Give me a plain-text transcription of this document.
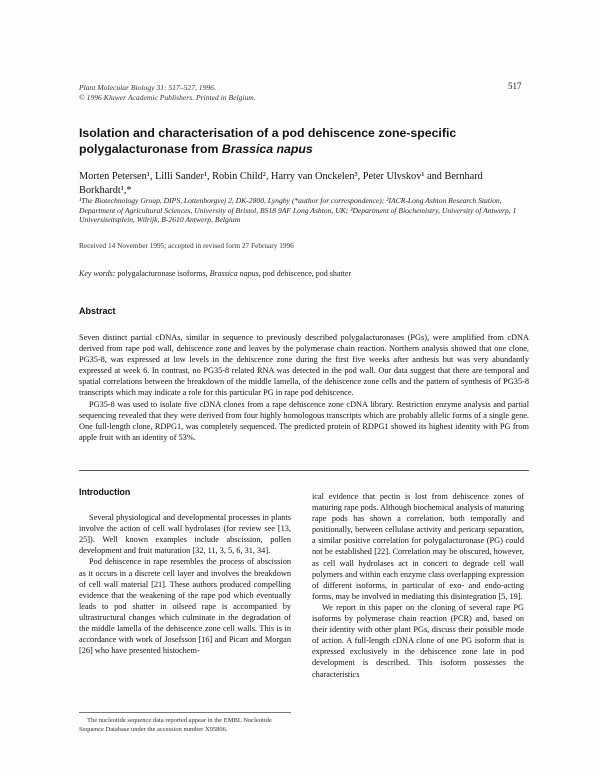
Plant Molecular Biology 31: 517–527, 1996.
© 1996 Kluwer Academic Publishers. Printed in Belgium.
517
Isolation and characterisation of a pod dehiscence zone-specific polygalacturonase from Brassica napus
Morten Petersen¹, Lilli Sander¹, Robin Child², Harry van Onckelen³, Peter Ulvskov¹ and Bernhard Borkhardt¹,*
¹The Biotechnology Group, DIPS, Lottenborgvej 2, DK-2800, Lyngby (*author for correspondence); ²IACR-Long Ashton Research Station, Department of Agricultural Sciences, University of Bristol, BS18 9AF Long Ashton, UK; ³Department of Biochemistry, University of Antwerp, 1 Universiteitsplein, Wilrijk, B-2610 Antwerp, Belgium
Received 14 November 1995; accepted in revised form 27 February 1996
Key words: polygalacturonase isoforms, Brassica napus, pod dehiscence, pod shatter
Abstract

Seven distinct partial cDNAs, similar in sequence to previously described polygalacturonases (PGs), were amplified from cDNA derived from rape pod wall, dehiscence zone and leaves by the polymerase chain reaction. Northern analysis showed that one clone, PG35-8, was expressed at low levels in the dehiscence zone during the first five weeks after anthesis but was very abundantly expressed at week 6. In contrast, no PG35-8 related RNA was detected in the pod wall. Our data suggest that there are temporal and spatial correlations between the breakdown of the middle lamella, of the dehiscence zone cells and the pattern of synthesis of PG35-8 transcripts which may indicate a role for this particular PG in rape pod dehiscence.

PG35-8 was used to isolate five cDNA clones from a rape dehiscence zone cDNA library. Restriction enzyme analysis and partial sequencing revealed that they were derived from four highly homologous transcripts which are probably allelic forms of a single gene. One full-length clone, RDPG1, was completely sequenced. The predicted protein of RDPG1 showed its highest identity with PG from apple fruit with an identity of 53%.

Introduction

Several physiological and developmental processes in plants involve the action of cell wall hydrolases (for review see [13, 25]). Well known examples include abscission, pollen development and fruit maturation [32, 11, 3, 5, 6, 31, 34].

Pod dehiscence in rape resembles the process of abscission as it occurs in a discrete cell layer and involves the breakdown of cell wall material [21]. These authors produced compelling evidence that the weakening of the rape pod which eventually leads to pod shatter in oilseed rape is accompanied by ultrastructural changes which culminate in the degradation of the middle lamella of the dehiscence zone cell walls. This is in accordance with work of Josefsson [16] and Picart and Morgan [26] who have presented histochem-

The nucleotide sequence data reported appear in the EMBL Nucleotide Sequence Database under the accession number X95806.

ical evidence that pectin is lost from dehiscence zones of maturing rape pods. Although biochemical analysis of maturing rape pods has shown a correlation, both temporally and positionally, between cellulase activity and pericarp separation, a similar positive correlation for polygalacturonase (PG) could not be established [22]. Correlation may be obscured, however, as cell wall hydrolases act in concert to degrade cell wall polymers and within each enzyme class overlapping expression of different isoforms, in particular of exo- and endo-acting forms, may be involved in mediating this disintegration [5, 19].

We report in this paper on the cloning of several rape PG isoforms by polymerase chain reaction (PCR) and, based on their identity with other plant PGs, discuss their possible mode of action. A full-length cDNA clone of one PG isoform that is expressed exclusively in the dehiscence zone late in pod development is described. This isoform possesses the characteristics
